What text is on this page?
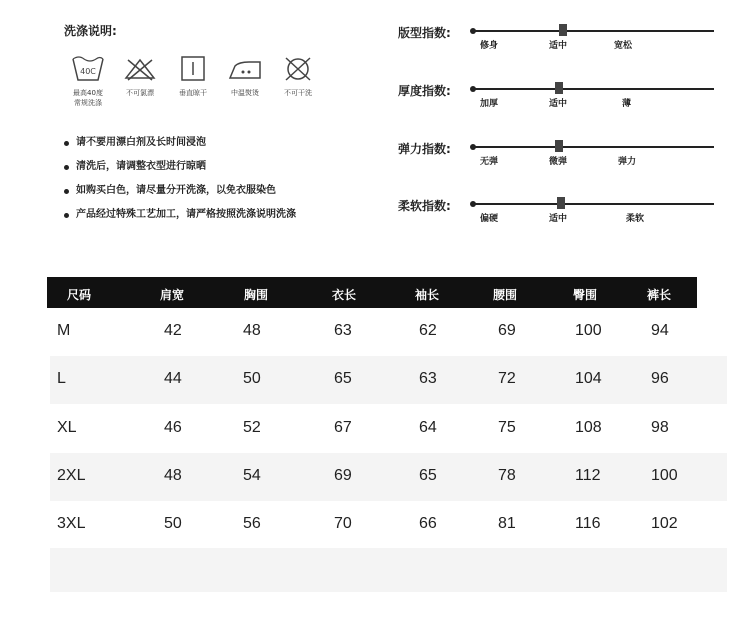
洗涤说明:
40C
最高40度
常规洗涤
不可氯漂	垂直晾干	中温熨烫	不可干洗
请不要用漂白剂及长时间浸泡
清洗后，请调整衣型进行晾晒
如购买白色，请尽量分开洗涤，以免衣服染色
产品经过特殊工艺加工，请严格按照洗涤说明洗涤
版型指数:
修身	适中	宽松
厚度指数:
加厚	适中	薄
弹力指数:
无弹	微弹	弹力
柔软指数:
偏硬	适中	柔软
尺码	肩宽	胸围	衣长	袖长	腰围	臀围	裤长
M	42	48	63	62	69	100	94
L	44	50	65	63	72	104	96
XL	46	52	67	64	75	108	98
2XL	48	54	69	65	78	112	100
3XL	50	56	70	66	81	116	102
